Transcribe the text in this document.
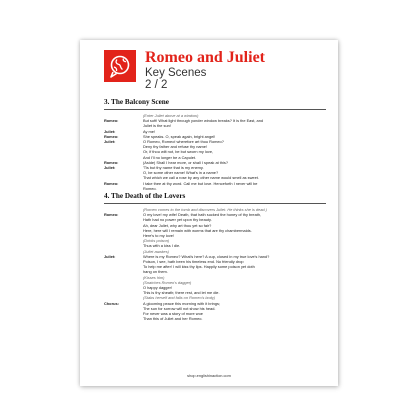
Romeo and Juliet
Key Scenes
2 / 2
3. The Balcony Scene
(Enter Juliet above at a window)
Romeo:	But soft! What light through yonder window breaks? It is the East, and
Juliet is the sun!
Juliet:	Ay me!
Romeo:	She speaks. O, speak again, bright angel!
Juliet:	O Romeo, Romeo! wherefore art thou Romeo?
Deny thy father and refuse thy name!
Or, if thou wilt not, be but sworn my love,
And I'll no longer be a Capulet.
Romeo:	(Aside) Shall I hear more, or shall I speak at this?
Juliet:	'Tis but thy name that is my enemy.
O, be some other name! What's in a name?
That which we call a rose by any other name would smell as sweet.
Romeo:	I take thee at thy word. Call me but love. Henceforth I never will be
Romeo.
4. The Death of the Lovers
(Romeo comes to the tomb and discovers Juliet. He thinks she is dead.)
Romeo:	O my love! my wife! Death, that hath sucked the honey of thy breath,
Hath had no power yet upon thy beauty.
Ah, dear Juliet, why art thou yet so fair?
Here, here will I remain with worms that are thy chambermaids.
Here's to my love!
(Drinks poison)
Thus with a kiss I die.
(Juliet awakes)
Juliet:	Where is my Romeo? What's here? A cup, closed in my true love's hand?
Poison, I see, hath been his timeless end. No friendly drop
To help me after! I will kiss thy lips. Happily some poison yet doth
hang on them.
(Kisses him)
(Snatches Romeo's dagger)
O happy dagger!
This is thy sheath; there rest, and let me die.
(Stabs herself and falls on Romeo's body)
Chorus:	A glooming peace this morning with it brings;
The sun for sorrow will not show his head.
For never was a story of more woe
Than this of Juliet and her Romeo.
shop.englishinaction.com
